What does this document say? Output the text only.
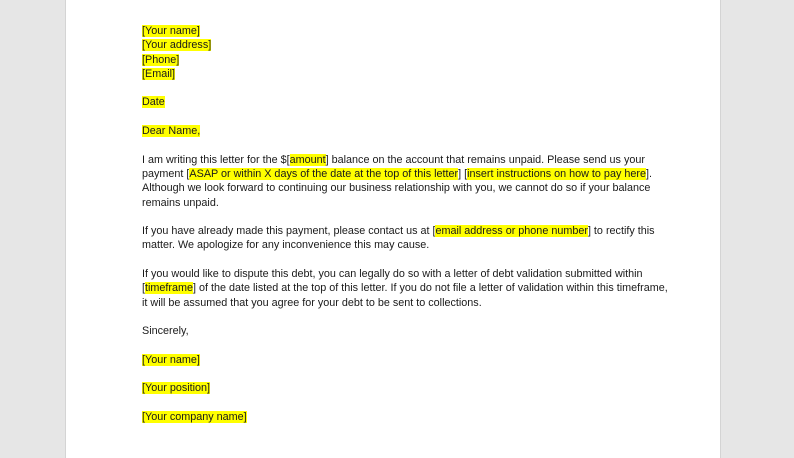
[Your name]
[Your address]
[Phone]
[Email]
Date
Dear Name,
I am writing this letter for the $[amount] balance on the account that remains unpaid. Please send us your
payment [ASAP or within X days of the date at the top of this letter] [insert instructions on how to pay here].
Although we look forward to continuing our business relationship with you, we cannot do so if your balance
remains unpaid.
If you have already made this payment, please contact us at [email address or phone number] to rectify this
matter. We apologize for any inconvenience this may cause.
If you would like to dispute this debt, you can legally do so with a letter of debt validation submitted within
[timeframe] of the date listed at the top of this letter. If you do not file a letter of validation within this timeframe,
it will be assumed that you agree for your debt to be sent to collections.
Sincerely,
[Your name]
[Your position]
[Your company name]
